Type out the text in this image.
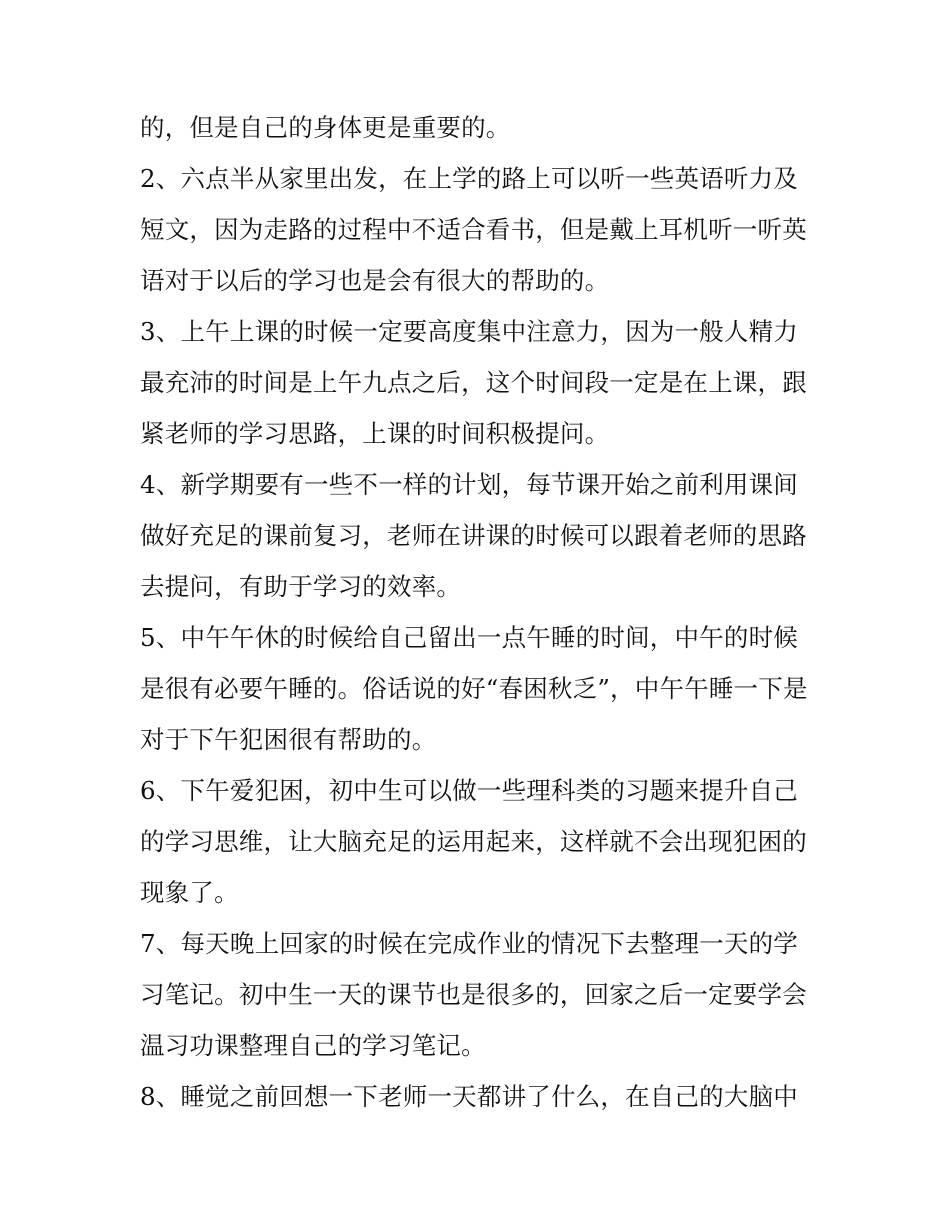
的，但是自己的身体更是重要的。
2、六点半从家里出发，在上学的路上可以听一些英语听力及
短文，因为走路的过程中不适合看书，但是戴上耳机听一听英
语对于以后的学习也是会有很大的帮助的。
3、上午上课的时候一定要高度集中注意力，因为一般人精力
最充沛的时间是上午九点之后，这个时间段一定是在上课，跟
紧老师的学习思路，上课的时间积极提问。
4、新学期要有一些不一样的计划，每节课开始之前利用课间
做好充足的课前复习，老师在讲课的时候可以跟着老师的思路
去提问，有助于学习的效率。
5、中午午休的时候给自己留出一点午睡的时间，中午的时候
是很有必要午睡的。俗话说的好“春困秋乏”，中午午睡一下是
对于下午犯困很有帮助的。
6、下午爱犯困，初中生可以做一些理科类的习题来提升自己
的学习思维，让大脑充足的运用起来，这样就不会出现犯困的
现象了。
7、每天晚上回家的时候在完成作业的情况下去整理一天的学
习笔记。初中生一天的课节也是很多的，回家之后一定要学会
温习功课整理自己的学习笔记。
8、睡觉之前回想一下老师一天都讲了什么，在自己的大脑中
